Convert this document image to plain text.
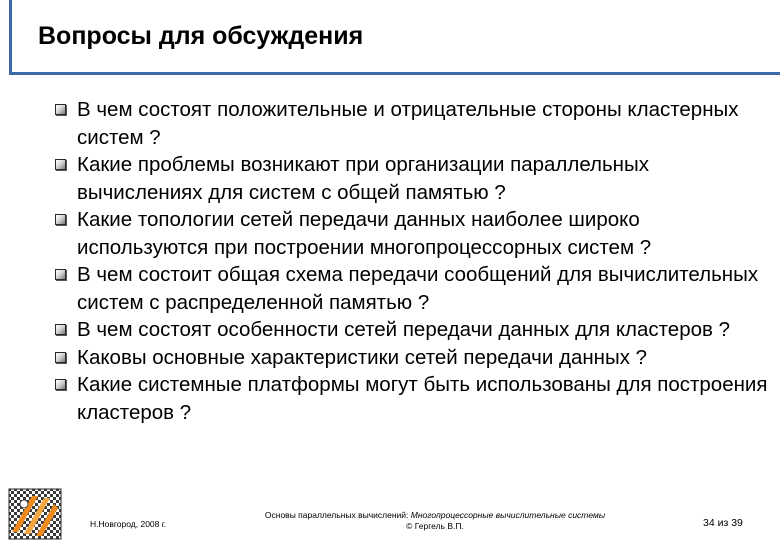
Вопросы для обсуждения
В чем состоят положительные и отрицательные стороны кластерных систем ?
Какие проблемы возникают при организации параллельных вычислениях для систем с общей памятью ?
Какие топологии сетей передачи данных наиболее широко используются при построении многопроцессорных систем ?
В чем состоит общая схема передачи сообщений для вычислительных систем с распределенной памятью ?
В чем состоят особенности сетей передачи данных для кластеров ?
Каковы основные характеристики сетей передачи данных ?
Какие системные платформы могут быть использованы для построения кластеров ?
Н.Новгород, 2008 г.
Основы параллельных вычислений: Многопроцессорные вычислительные системы
© Гергель В.П.	34 из 39
